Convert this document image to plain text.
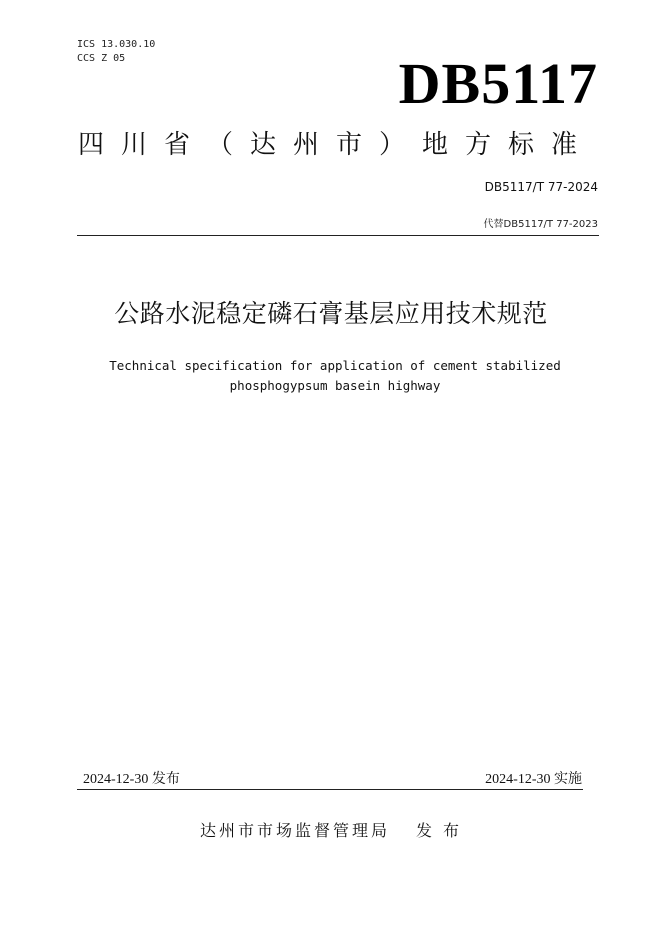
ICS 13.030.10
CCS Z 05	DB5117
四川省（达州市）地方标准
DB5117/T 77-2024
代替DB5117/T 77-2023
公路水泥稳定磷石膏基层应用技术规范
Technical specification for application of cement stabilized
phosphogypsum basein highway
2024-12-30 发布	2024-12-30 实施
达州市市场监督管理局 发 布
